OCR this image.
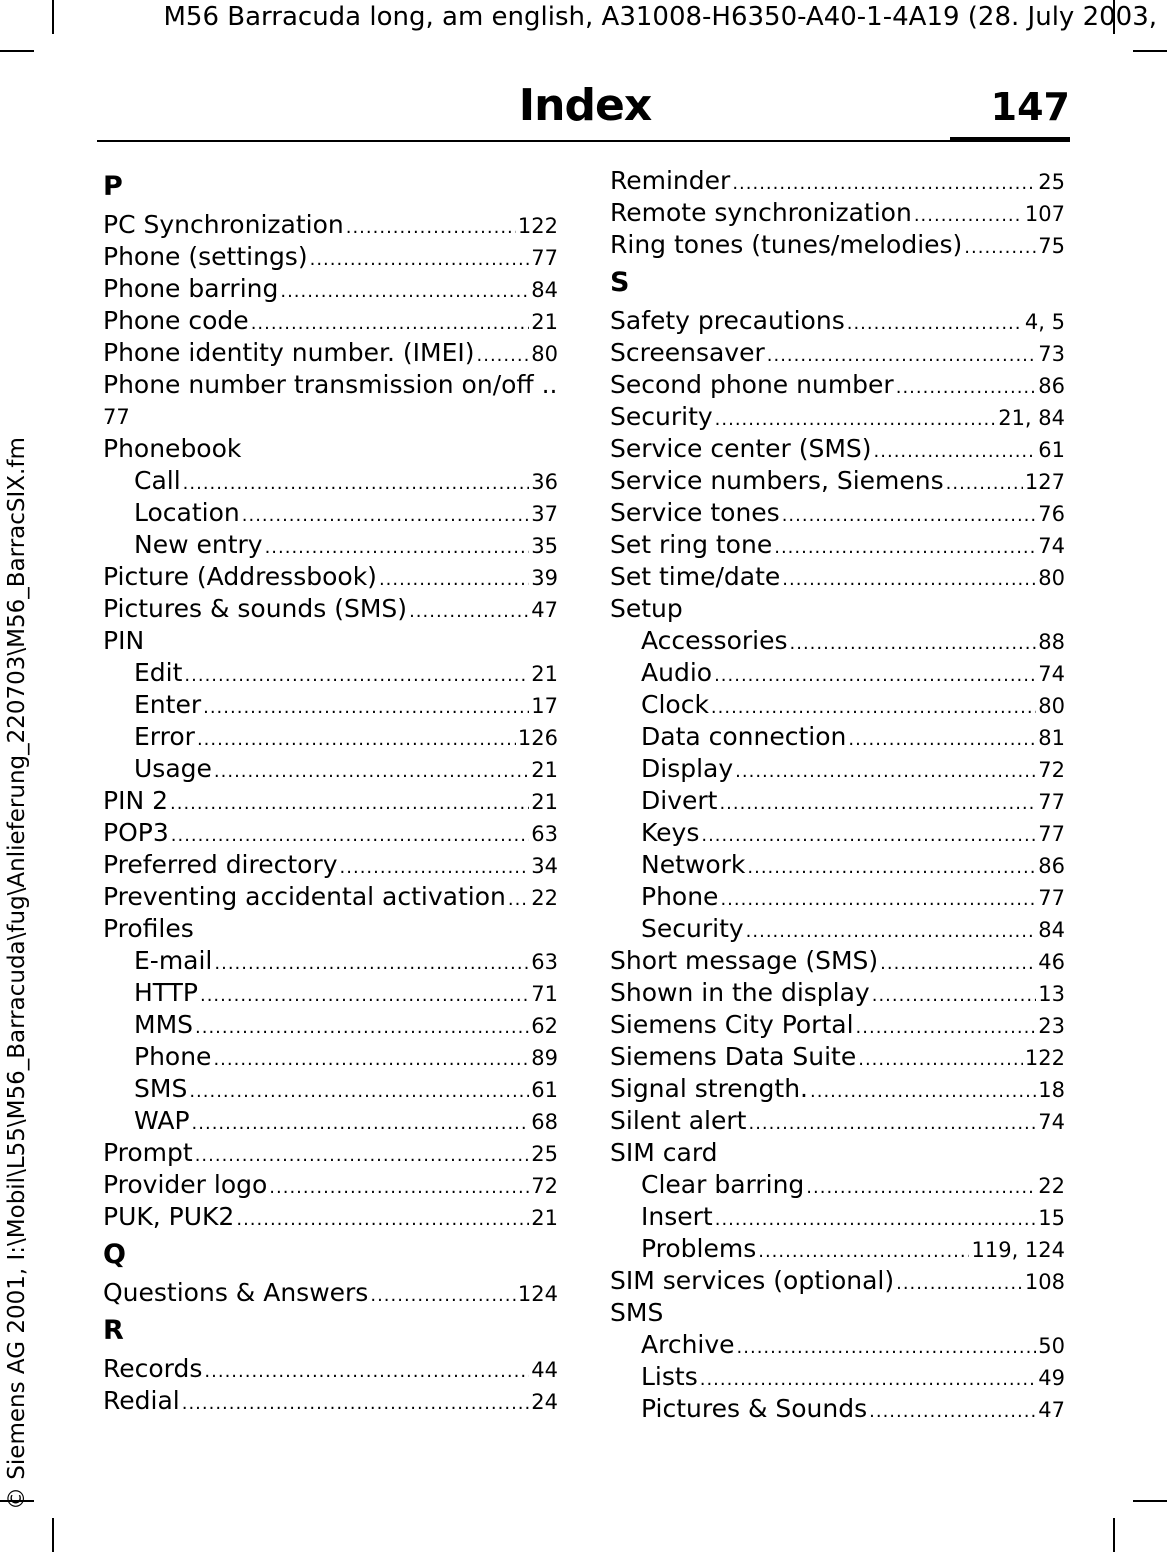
M56 Barracuda long, am english, A31008-H6350-A40-1-4A19 (28. July 2003,
© Siemens AG 2001, I:\Mobil\L55\M56_Barracuda\fug\Anlieferung_220703\M56_BarracSIX.fm
Index	147
P
PC Synchronization .....	122
Phone (settings) .....	77
Phone barring .....	84
Phone code .....	21
Phone identity number. (IMEI) .....	80
Phone number transmission on/off ..
77
Phonebook
Call .....	36
Location .....	37
New entry .....	35
Picture (Addressbook) .....	39
Pictures & sounds (SMS) .....	47
PIN
Edit .....	21
Enter .....	17
Error .....	126
Usage .....	21
PIN 2 .....	21
POP3 .....	63
Preferred directory .....	34
Preventing accidental activation ..... 22
Profiles
E-mail .....	63
HTTP .....	71
MMS .....	62
Phone .....	89
SMS .....	61
WAP .....	68
Prompt .....	25
Provider logo .....	72
PUK, PUK2 .....	21
Q
Questions & Answers .....	124
R
Records .....	44
Redial .....	24
Reminder .....	25
Remote synchronization .....	107
Ring tones (tunes/melodies) .....	75
S
Safety precautions .....	4, 5
Screensaver .....	73
Second phone number .....	86
Security .....	21, 84
Service center (SMS) .....	61
Service numbers, Siemens .....	127
Service tones .....	76
Set ring tone .....	74
Set time/date .....	80
Setup
Accessories .....	88
Audio .....	74
Clock .....	80
Data connection .....	81
Display .....	72
Divert .....	77
Keys .....	77
Network .....	86
Phone .....	77
Security .....	84
Short message (SMS) .....	46
Shown in the display .....	13
Siemens City Portal .....	23
Siemens Data Suite .....	122
Signal strength. .....	18
Silent alert .....	74
SIM card
Clear barring .....	22
Insert .....	15
Problems .....	119, 124
SIM services (optional) .....	108
SMS
Archive .....	50
Lists .....	49
Pictures & Sounds .....	47
